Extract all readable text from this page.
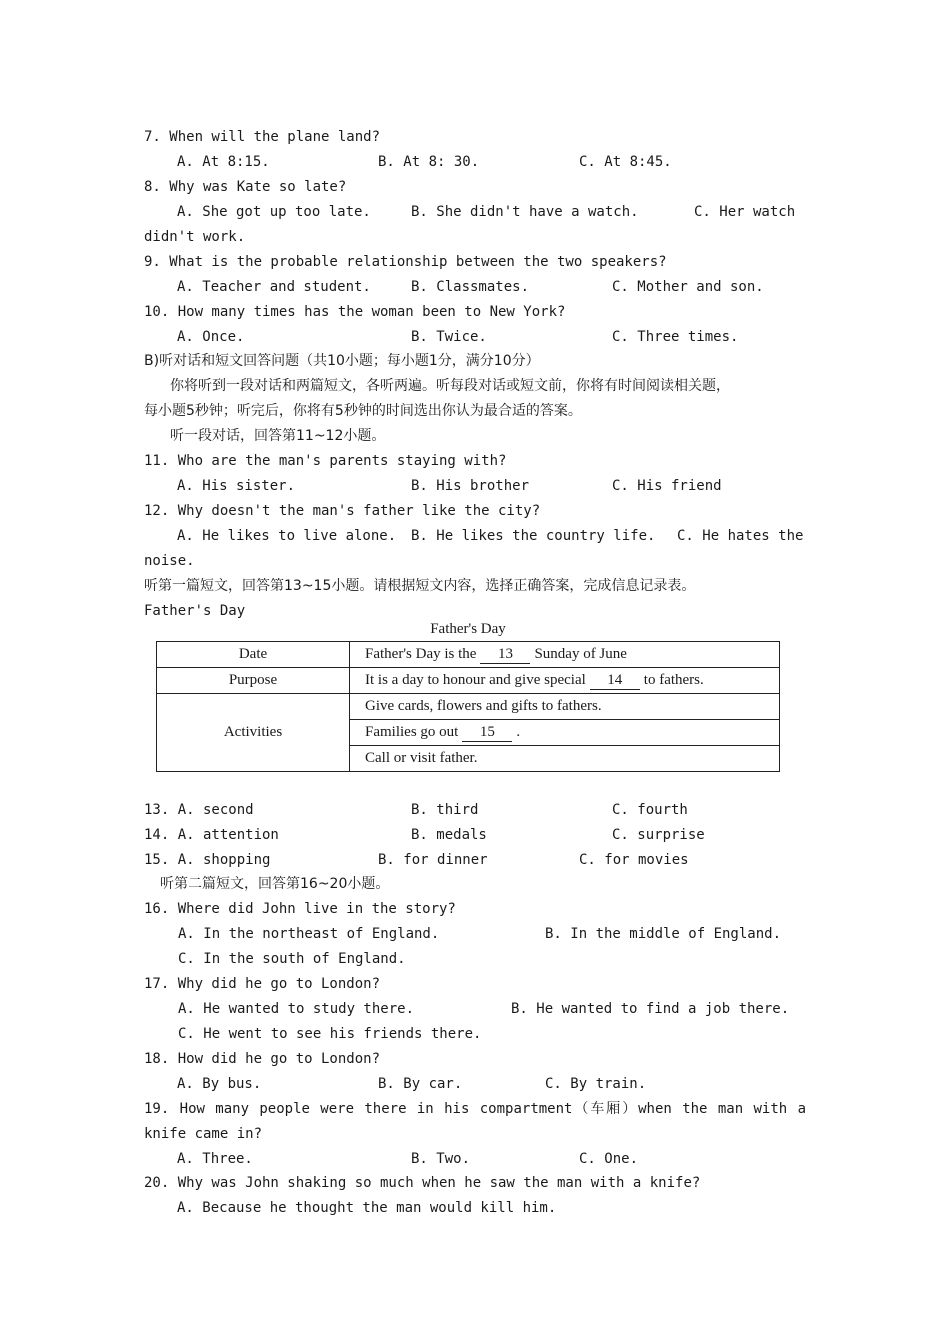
7. When will the plane land?
A. At 8:15.	B. At 8: 30.	C. At 8:45.
8. Why was Kate so late?
A. She got up too late.	B. She didn't have a watch.	C. Her watch
didn't work.
9. What is the probable relationship between the two speakers?
A. Teacher and student.	B. Classmates.	C. Mother and son.
10. How many times has the woman been to New York?
A. Once.	B. Twice.	C. Three times.
B)听对话和短文回答问题（共10小题；每小题1分，满分10分）
你将听到一段对话和两篇短文，各听两遍。听每段对话或短文前，你将有时间阅读相关题，
每小题5秒钟；听完后，你将有5秒钟的时间选出你认为最合适的答案。
听一段对话，回答第11~12小题。
11. Who are the man's parents staying with?
A. His sister.	B. His brother	C. His friend
12. Why doesn't the man's father like the city?
A. He likes to live alone. B. He likes the country life. C. He hates the
noise.
听第一篇短文，回答第13~15小题。请根据短文内容，选择正确答案，完成信息记录表。
Father's Day
Father's Day
Date	Father's Day is the 13 Sunday of June
Purpose	It is a day to honour and give special 14 to fathers.
Activities	Give cards, flowers and gifts to fathers.
	Families go out 15 .
	Call or visit father.
13. A. second	B. third	C. fourth
14. A. attention	B. medals	C. surprise
15. A. shopping	B. for dinner	C. for movies
听第二篇短文，回答第16~20小题。
16. Where did John live in the story?
A. In the northeast of England.	B. In the middle of England.
C. In the south of England.
17. Why did he go to London?
A. He wanted to study there.	B. He wanted to find a job there.
C. He went to see his friends there.
18. How did he go to London?
A. By bus.	B. By car.	C. By train.
19. How many people were there in his compartment（车厢）when the man with a
knife came in?
A. Three.	B. Two.	C. One.
20. Why was John shaking so much when he saw the man with a knife?
A. Because he thought the man would kill him.
